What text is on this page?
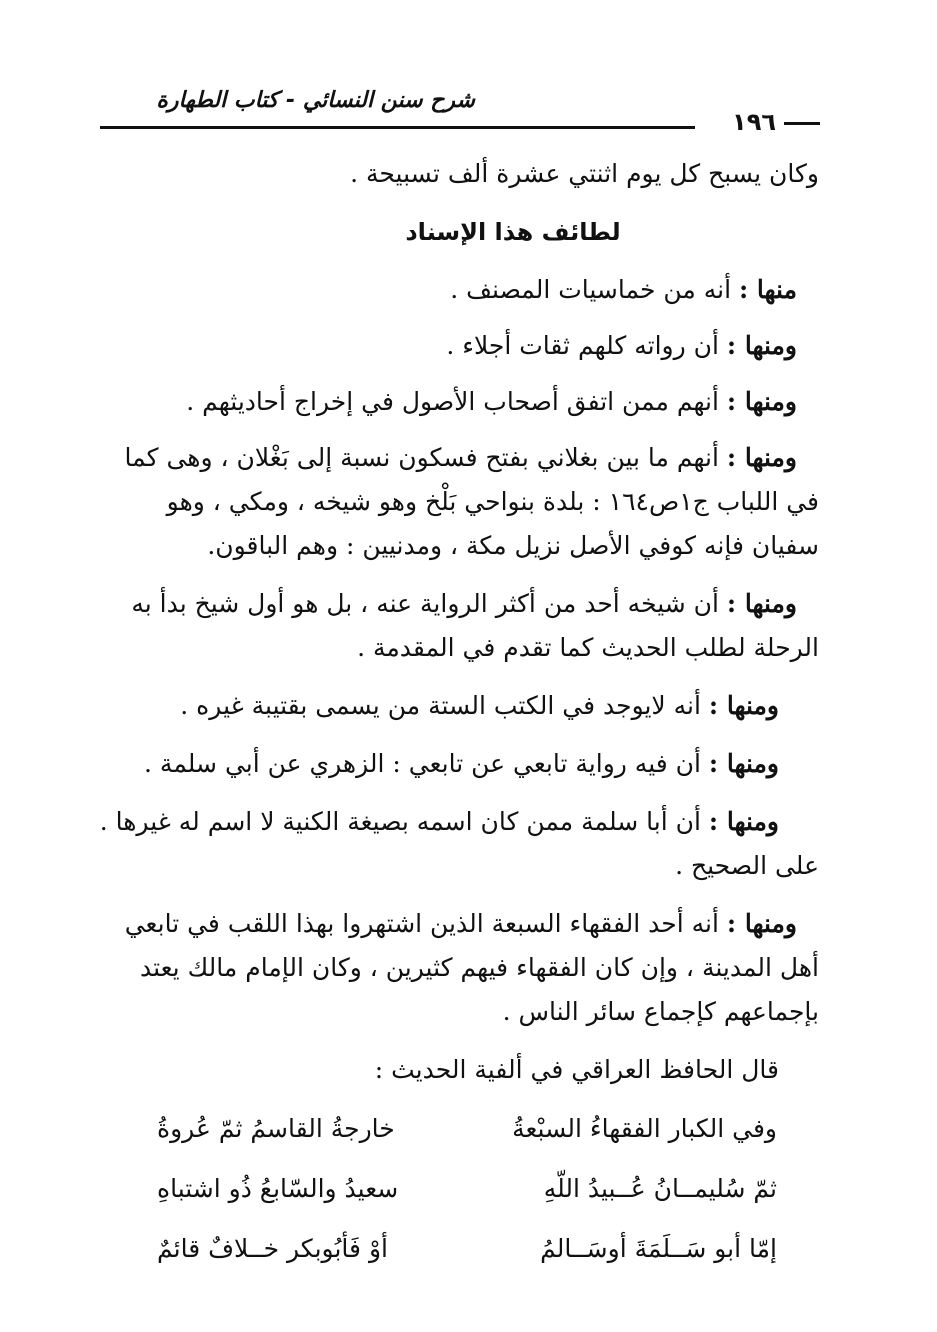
١٩٦
شرح سنن النسائي - كتاب الطهارة

وكان يسبح كل يوم اثنتي عشرة ألف تسبيحة .

لطائف هذا الإسناد

منها : أنه من خماسيات المصنف .

ومنها : أن رواته كلهم ثقات أجلاء .

ومنها : أنهم ممن اتفق أصحاب الأصول في إخراج أحاديثهم .

ومنها : أنهم ما بين بغلاني بفتح فسكون نسبة إلى بَغْلان ، وهى كما

في اللباب ج١ص١٦٤ : بلدة بنواحي بَلْخ وهو شيخه ، ومكي ، وهو

سفيان فإنه كوفي الأصل نزيل مكة ، ومدنيين : وهم الباقون.

ومنها : أن شيخه أحد من أكثر الرواية عنه ، بل هو أول شيخ بدأ به

الرحلة لطلب الحديث كما تقدم في المقدمة .

ومنها : أنه لايوجد في الكتب الستة من يسمى بقتيبة غيره .

ومنها : أن فيه رواية تابعي عن تابعي : الزهري عن أبي سلمة .

ومنها : أن أبا سلمة ممن كان اسمه بصيغة الكنية لا اسم له غيرها .

على الصحيح .

ومنها : أنه أحد الفقهاء السبعة الذين اشتهروا بهذا اللقب في تابعي

أهل المدينة ، وإن كان الفقهاء فيهم كثيرين ، وكان الإمام مالك يعتد

بإجماعهم كإجماع سائر الناس .

قال الحافظ العراقي في ألفية الحديث :

وفي الكبار الفقهاءُ السبْعةُ
خارجةُ القاسمُ ثمّ عُروةُ
ثمّ سُليمــانُ عُــبيدُ اللّهِ
سعيدُ والسّابعُ ذُو اشتباهِ
إمّا أبو سَــلَمَةَ أوسَــالمُ
أوْ فَأبُوبكر خــلافٌ قائمٌ
